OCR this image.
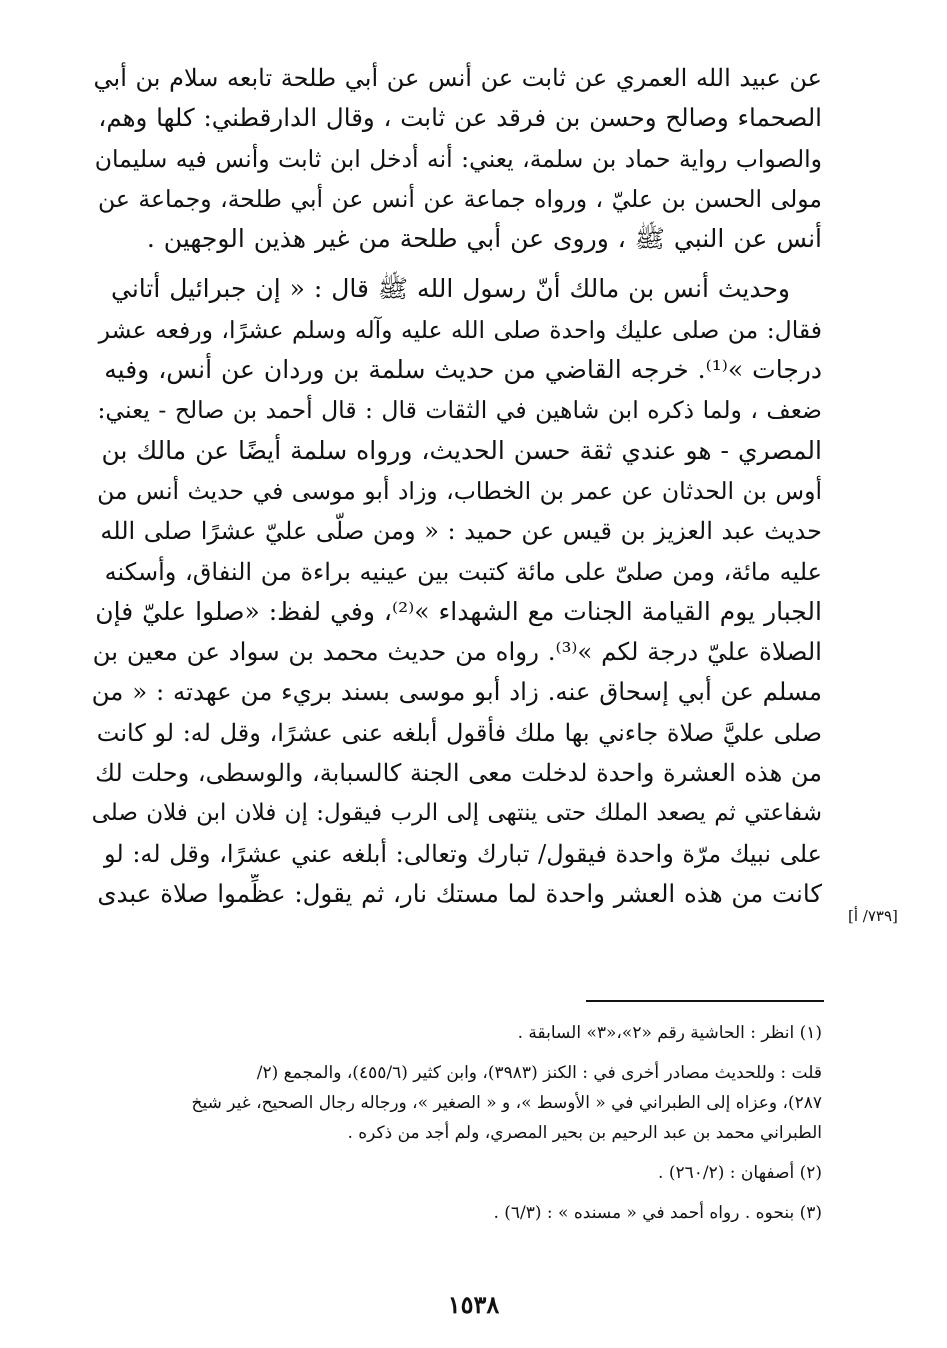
عن عبيد الله العمري عن ثابت عن أنس عن أبي طلحة تابعه سلام بن أبي
الصحماء وصالح وحسن بن فرقد عن ثابت ، وقال الدارقطني: كلها وهم،
والصواب رواية حماد بن سلمة، يعني: أنه أدخل ابن ثابت وأنس فيه سليمان
مولى الحسن بن عليّ ، ورواه جماعة عن أنس عن أبي طلحة، وجماعة عن
أنس عن النبي ﷺ ، وروى عن أبي طلحة من غير هذين الوجهين .

وحديث أنس بن مالك أنّ رسول الله ﷺ قال : « إن جبرائيل أتاني
فقال: من صلى عليك واحدة صلى الله عليه وآله وسلم عشرًا، ورفعه عشر
درجات »⁽¹⁾. خرجه القاضي من حديث سلمة بن وردان عن أنس، وفيه
ضعف ، ولما ذكره ابن شاهين في الثقات قال : قال أحمد بن صالح - يعني:
المصري - هو عندي ثقة حسن الحديث، ورواه سلمة أيضًا عن مالك بن
أوس بن الحدثان عن عمر بن الخطاب، وزاد أبو موسى في حديث أنس من
حديث عبد العزيز بن قيس عن حميد : « ومن صلّى عليّ عشرًا صلى الله
عليه مائة، ومن صلىّ على مائة كتبت بين عينيه براءة من النفاق، وأسكنه
الجبار يوم القيامة الجنات مع الشهداء »⁽²⁾، وفي لفظ: «صلوا عليّ فإن
الصلاة عليّ درجة لكم »⁽³⁾. رواه من حديث محمد بن سواد عن معين بن
مسلم عن أبي إسحاق عنه. زاد أبو موسى بسند بريء من عهدته : « من
صلى عليَّ صلاة جاءني بها ملك فأقول أبلغه عنى عشرًا، وقل له: لو كانت
من هذه العشرة واحدة لدخلت معى الجنة كالسبابة، والوسطى، وحلت لك
شفاعتي ثم يصعد الملك حتى ينتهى إلى الرب فيقول: إن فلان ابن فلان صلى
على نبيك مرّة واحدة فيقول/ تبارك وتعالى: أبلغه عني عشرًا، وقل له: لو
كانت من هذه العشر واحدة لما مستك نار، ثم يقول: عظِّموا صلاة عبدى

[٧٣٩/ أ]
(١) انظر : الحاشية رقم «٢»،«٣» السابقة .
قلت : وللحديث مصادر أخرى في : الكنز (٣٩٨٣)، وابن كثير (٤٥٥/٦)، والمجمع (٢/
٢٨٧)، وعزاه إلى الطبراني في « الأوسط »، و « الصغير »، ورجاله رجال الصحيح، غير شيخ
الطبراني محمد بن عبد الرحيم بن بحير المصري، ولم أجد من ذكره .
(٢) أصفهان : (٢٦٠/٢) .
(٣) بنحوه . رواه أحمد في « مسنده » : (٦/٣) .
١٥٣٨
